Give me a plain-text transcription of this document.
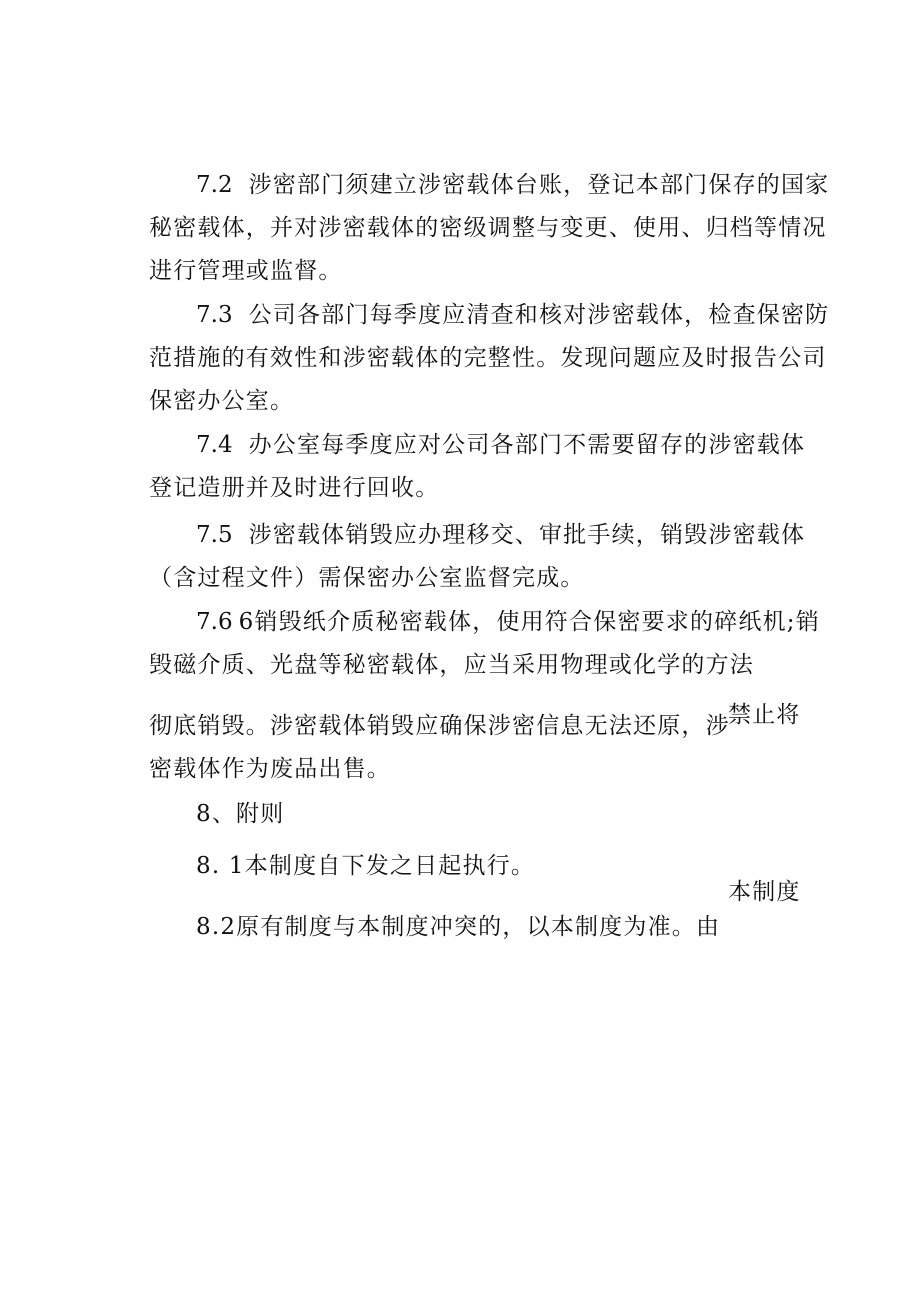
7.2 涉密部门须建立涉密载体台账，登记本部门保存的国家
秘密载体，并对涉密载体的密级调整与变更、使用、归档等情况
进行管理或监督。
7.3 公司各部门每季度应清查和核对涉密载体，检查保密防
范措施的有效性和涉密载体的完整性。发现问题应及时报告公司
保密办公室。
7.4 办公室每季度应对公司各部门不需要留存的涉密载体
登记造册并及时进行回收。
7.5 涉密载体销毁应办理移交、审批手续，销毁涉密载体
（含过程文件）需保密办公室监督完成。
7.6 6销毁纸介质秘密载体，使用符合保密要求的碎纸机;销
毁磁介质、光盘等秘密载体，应当采用物理或化学的方法
彻底销毁。涉密载体销毁应确保涉密信息无法还原，涉
禁止将
密载体作为废品出售。
8、附则
8. 1本制度自下发之日起执行。
本制度
8.2原有制度与本制度冲突的，以本制度为准。由
